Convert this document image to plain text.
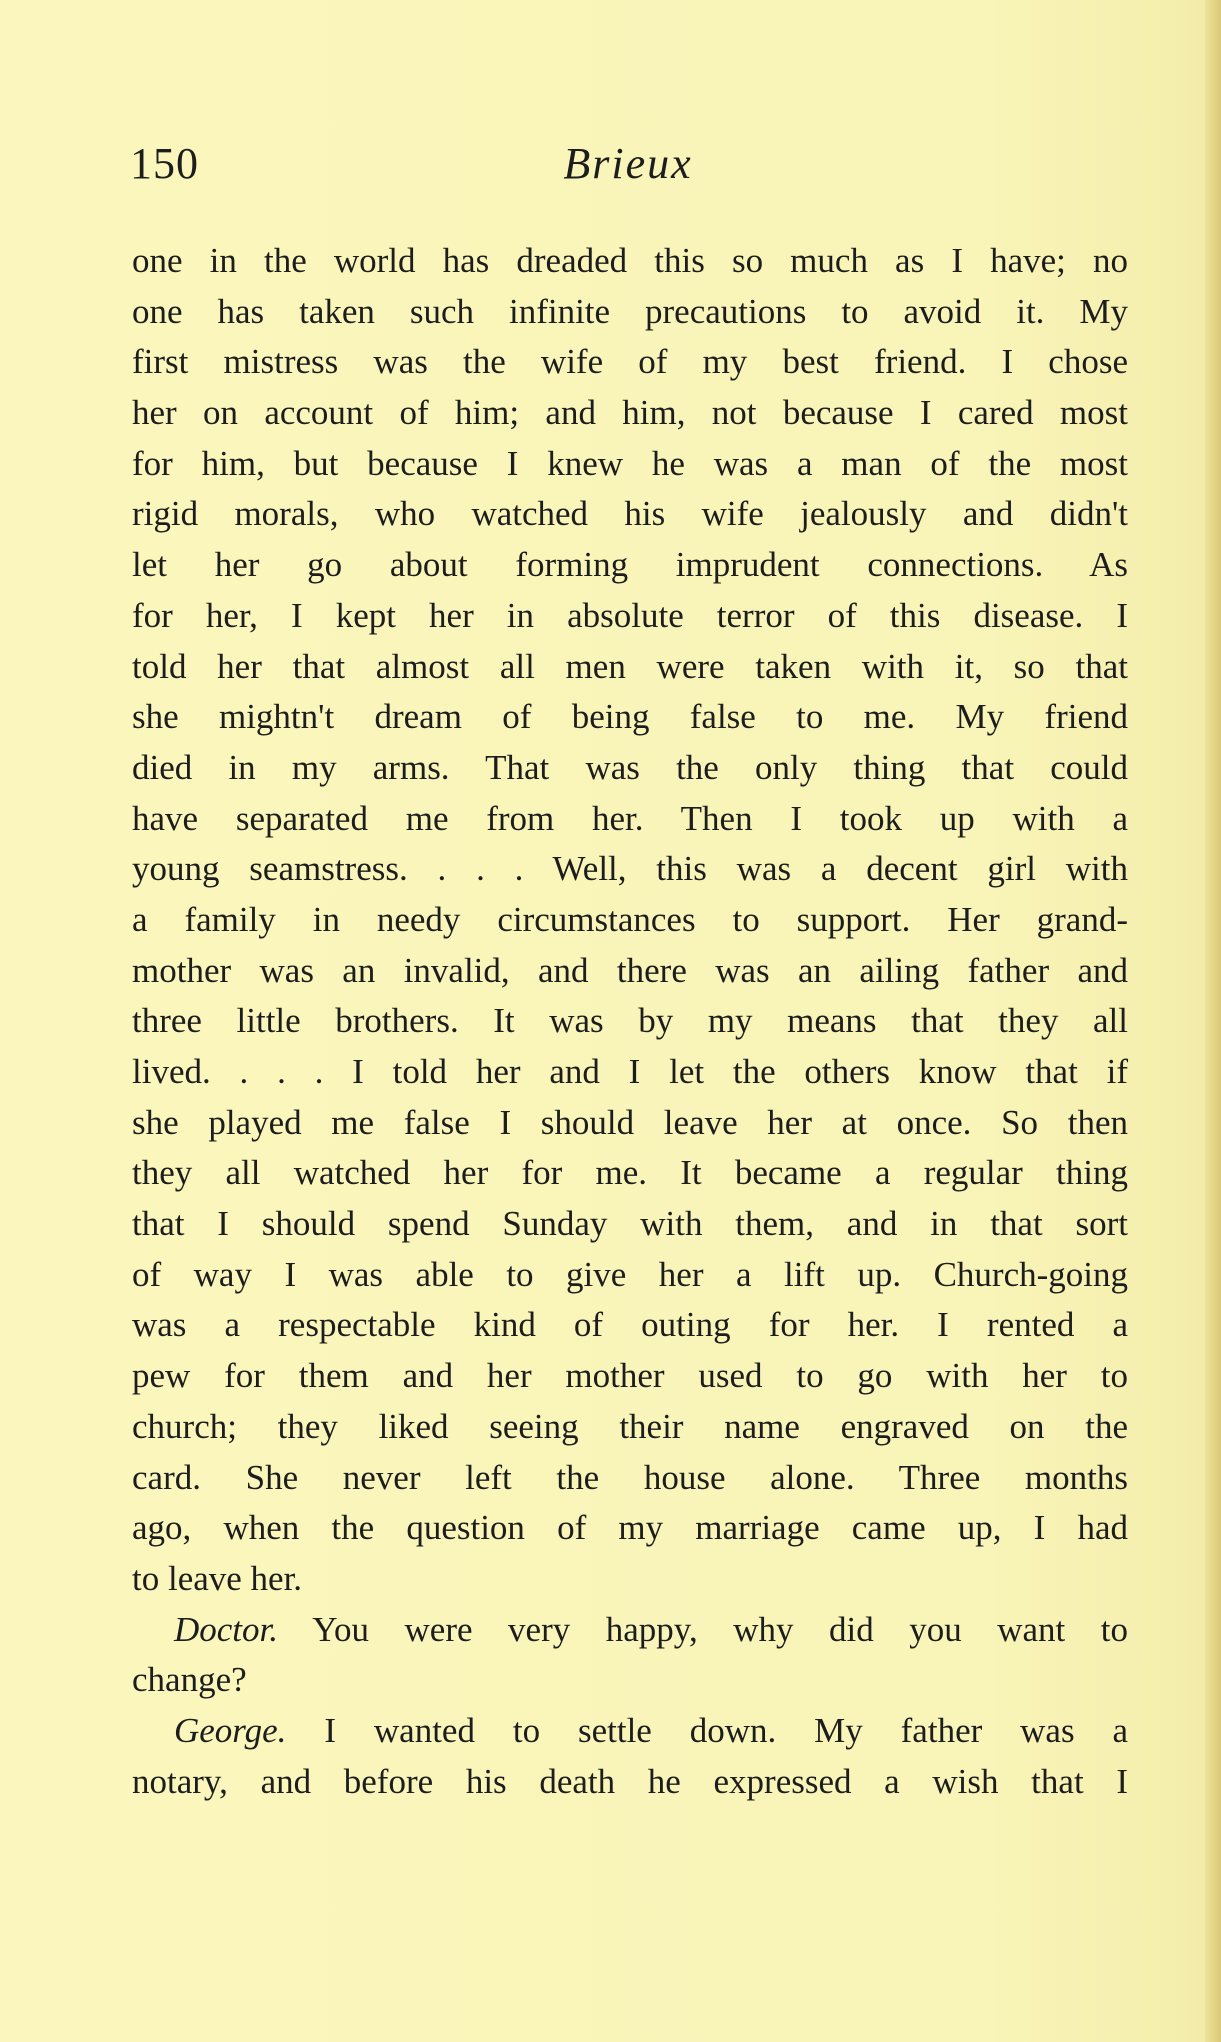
150	Brieux
one in the world has dreaded this so much as I have; no
one has taken such infinite precautions to avoid it. My
first mistress was the wife of my best friend. I chose
her on account of him; and him, not because I cared most
for him, but because I knew he was a man of the most
rigid morals, who watched his wife jealously and didn't
let her go about forming imprudent connections. As
for her, I kept her in absolute terror of this disease. I
told her that almost all men were taken with it, so that
she mightn't dream of being false to me. My friend
died in my arms. That was the only thing that could
have separated me from her. Then I took up with a
young seamstress. . . . Well, this was a decent girl with
a family in needy circumstances to support. Her grand-
mother was an invalid, and there was an ailing father and
three little brothers. It was by my means that they all
lived. . . . I told her and I let the others know that if
she played me false I should leave her at once. So then
they all watched her for me. It became a regular thing
that I should spend Sunday with them, and in that sort
of way I was able to give her a lift up. Church-going
was a respectable kind of outing for her. I rented a
pew for them and her mother used to go with her to
church; they liked seeing their name engraved on the
card. She never left the house alone. Three months
ago, when the question of my marriage came up, I had
to leave her.
Doctor. You were very happy, why did you want to
change?
George. I wanted to settle down. My father was a
notary, and before his death he expressed a wish that I
